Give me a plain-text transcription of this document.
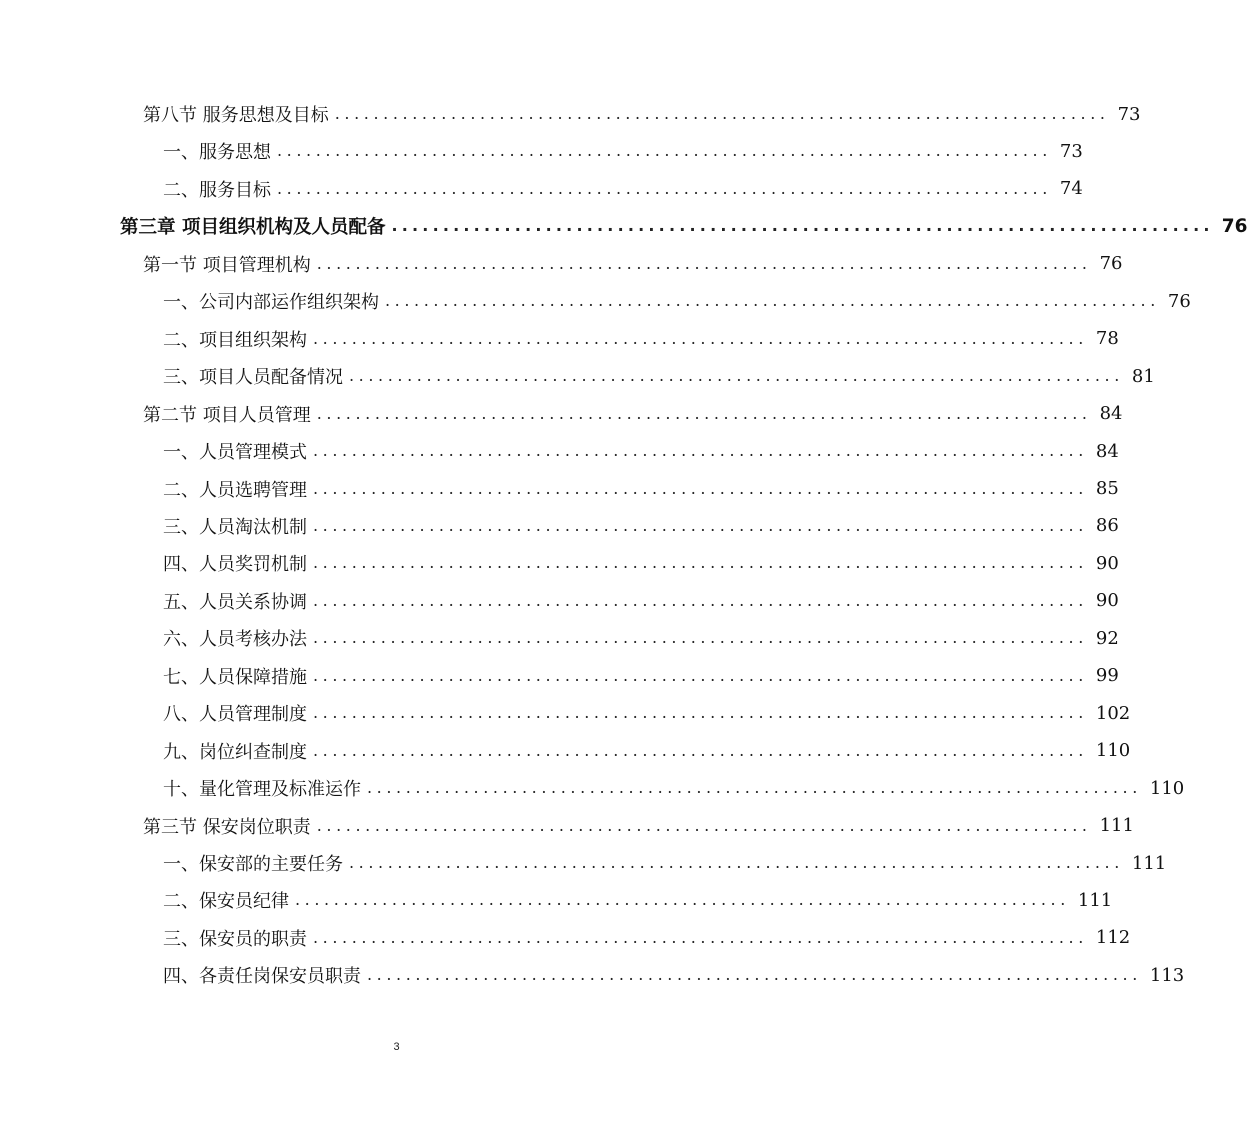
第八节 服务思想及目标 ................................................................................ 73
一、服务思想 ................................................................................ 73
二、服务目标 ................................................................................ 74
第三章 项目组织机构及人员配备 ................................................................................ 76
第一节 项目管理机构 ................................................................................ 76
一、公司内部运作组织架构 ................................................................................ 76
二、项目组织架构 ................................................................................ 78
三、项目人员配备情况 ................................................................................ 81
第二节 项目人员管理 ................................................................................ 84
一、人员管理模式 ................................................................................ 84
二、人员选聘管理 ................................................................................ 85
三、人员淘汰机制 ................................................................................ 86
四、人员奖罚机制 ................................................................................ 90
五、人员关系协调 ................................................................................ 90
六、人员考核办法 ................................................................................ 92
七、人员保障措施 ................................................................................ 99
八、人员管理制度 ................................................................................ 102
九、岗位纠查制度 ................................................................................ 110
十、量化管理及标准运作 ................................................................................ 110
第三节 保安岗位职责 ................................................................................ 111
一、保安部的主要任务 ................................................................................ 111
二、保安员纪律 ................................................................................ 111
三、保安员的职责 ................................................................................ 112
四、各责任岗保安员职责 ................................................................................ 113
3
